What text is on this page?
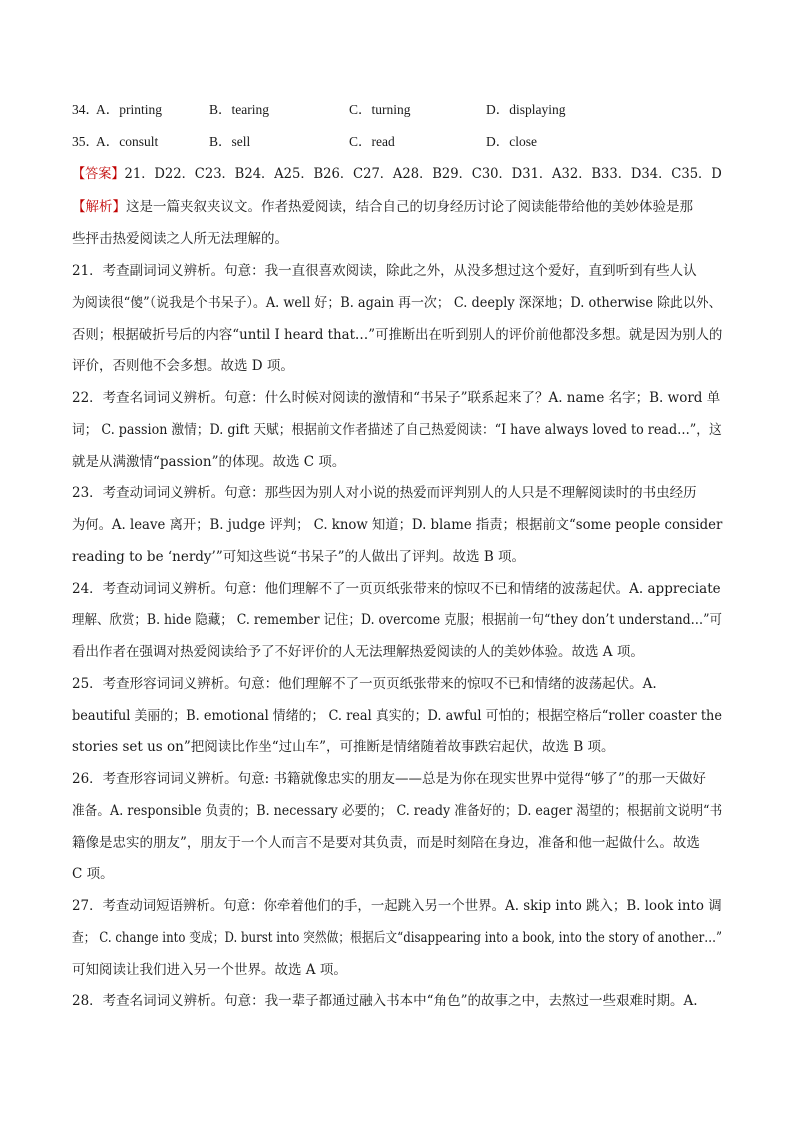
34．
A．printing	B．tearing	C．turning	D．displaying
35．
A．consult	B．sell	C．read	D．close
【答案】21．D22．C23．B24．A25．B26．C27．A28．B29．C30．D31．A32．B33．D34．C35．D
【解析】这是一篇夹叙夹议文。作者热爱阅读，结合自己的切身经历讨论了阅读能带给他的美妙体验是那
些抨击热爱阅读之人所无法理解的。
21．考查副词词义辨析。句意：我一直很喜欢阅读，除此之外，从没多想过这个爱好，直到听到有些人认
为阅读很“傻”（说我是个书呆子）。A. well 好；B. again 再一次； C. deeply 深深地；D. otherwise 除此以外、
否则；根据破折号后的内容“until I heard that…”可推断出在听到别人的评价前他都没多想。就是因为别人的
评价，否则他不会多想。故选 D 项。
22．考查名词词义辨析。句意：什么时候对阅读的激情和“书呆子”联系起来了？A. name 名字；B. word 单
词； C. passion 激情；D. gift 天赋；根据前文作者描述了自己热爱阅读：“I have always loved to read…”，这
就是从满激情“passion”的体现。故选 C 项。
23．考查动词词义辨析。句意：那些因为别人对小说的热爱而评判别人的人只是不理解阅读时的书虫经历
为何。A. leave 离开；B. judge 评判； C. know 知道；D. blame 指责；根据前文“some people consider
reading to be ‘nerdy’”可知这些说“书呆子”的人做出了评判。故选 B 项。
24．考查动词词义辨析。句意：他们理解不了一页页纸张带来的惊叹不已和情绪的波荡起伏。A. appreciate
理解、欣赏；B. hide 隐藏； C. remember 记住；D. overcome 克服；根据前一句“they don’t understand…”可
看出作者在强调对热爱阅读给予了不好评价的人无法理解热爱阅读的人的美妙体验。故选 A 项。
25．考查形容词词义辨析。句意：他们理解不了一页页纸张带来的惊叹不已和情绪的波荡起伏。A.
beautiful 美丽的；B. emotional 情绪的； C. real 真实的；D. awful 可怕的；根据空格后“roller coaster the
stories set us on”把阅读比作坐“过山车”，可推断是情绪随着故事跌宕起伏，故选 B 项。
26．考查形容词词义辨析。句意: 书籍就像忠实的朋友——总是为你在现实世界中觉得“够了”的那一天做好
准备。A. responsible 负责的；B. necessary 必要的； C. ready 准备好的；D. eager 渴望的；根据前文说明“书
籍像是忠实的朋友”，朋友于一个人而言不是要对其负责，而是时刻陪在身边，准备和他一起做什么。故选
C 项。
27．考查动词短语辨析。句意：你牵着他们的手，一起跳入另一个世界。A. skip into 跳入；B. look into 调
查； C. change into 变成；D. burst into 突然做；根据后文“disappearing into a book, into the story of another…”
可知阅读让我们进入另一个世界。故选 A 项。
28．考查名词词义辨析。句意：我一辈子都通过融入书本中“角色”的故事之中，去熬过一些艰难时期。A.
